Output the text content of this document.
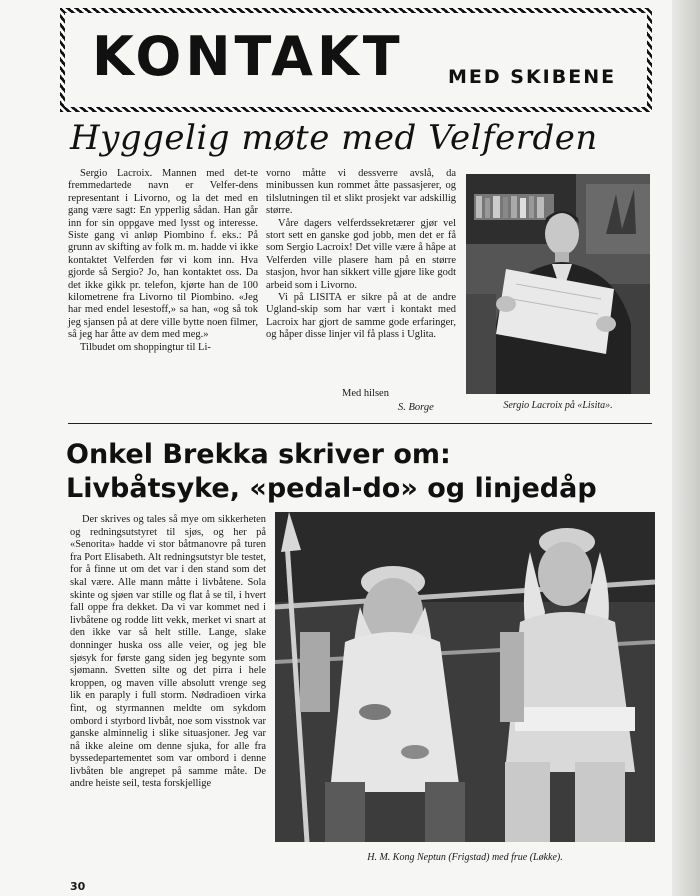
KONTAKT MED SKIBENE
Hyggelig møte med Velferden

Sergio Lacroix. Mannen med det-te fremmedartede navn er Velfer-dens representant i Livorno, og la det med en gang være sagt: En ypperlig sådan. Han går inn for sin oppgave med lysst og interesse. Siste gang vi anløp Piombino f. eks.: På grunn av skifting av folk m. m. hadde vi ikke kontaktet Velferden før vi kom inn. Hva gjorde så Sergio? Jo, han kontaktet oss. Da det ikke gikk pr. telefon, kjørte han de 100 kilometrene fra Livorno til Piombino. «Jeg har med endel lesestoff,» sa han, «og så tok jeg sjansen på at dere ville bytte noen filmer, så jeg har åtte av dem med meg.»

Tilbudet om shoppingtur til Li-

vorno måtte vi dessverre avslå, da minibussen kun rommet åtte passasjerer, og tilslutningen til et slikt prosjekt var adskillig større.

Våre dagers velferdssekretærer gjør vel stort sett en ganske god jobb, men det er få som Sergio Lacroix! Det ville være å håpe at Velferden ville plasere ham på en større stasjon, hvor han sikkert ville gjøre like godt arbeid som i Livorno.

Vi på LISITA er sikre på at de andre Ugland-skip som har vært i kontakt med Lacroix har gjort de samme gode erfaringer, og håper disse linjer vil få plass i Uglita.

Med hilsen
S. Borge	Sergio Lacroix på «Lisita».
Onkel Brekka skriver om:
Livbåtsyke, «pedal-do» og linjedåp

Der skrives og tales så mye om sikkerheten og redningsutstyret til sjøs, og her på «Senorita» hadde vi stor båtmanovre på turen fra Port Elisabeth. Alt redningsutstyr ble testet, for å finne ut om det var i den stand som det skal være. Alle mann måtte i livbåtene. Sola skinte og sjøen var stille og flat å se til, i hvert fall oppe fra dekket. Da vi var kommet ned i livbåtene og rodde litt vekk, merket vi snart at den ikke var så helt stille. Lange, slake donninger huska oss alle veier, og jeg ble sjøsyk for første gang siden jeg begynte som sjømann. Svetten silte og det pirra i hele kroppen, og maven ville absolutt vrenge seg lik en paraply i full storm. Nødradioen virka fint, og styrmannen meldte om sykdom ombord i styrbord livbåt, noe som visstnok var ganske alminnelig i slike situasjoner. Jeg var nå ikke aleine om denne sjuka, for alle fra byssedepartementet som var ombord i denne livbåten ble angrepet på samme måte. De andre heiste seil, testa forskjellige

H. M. Kong Neptun (Frigstad) med frue (Løkke).
30
